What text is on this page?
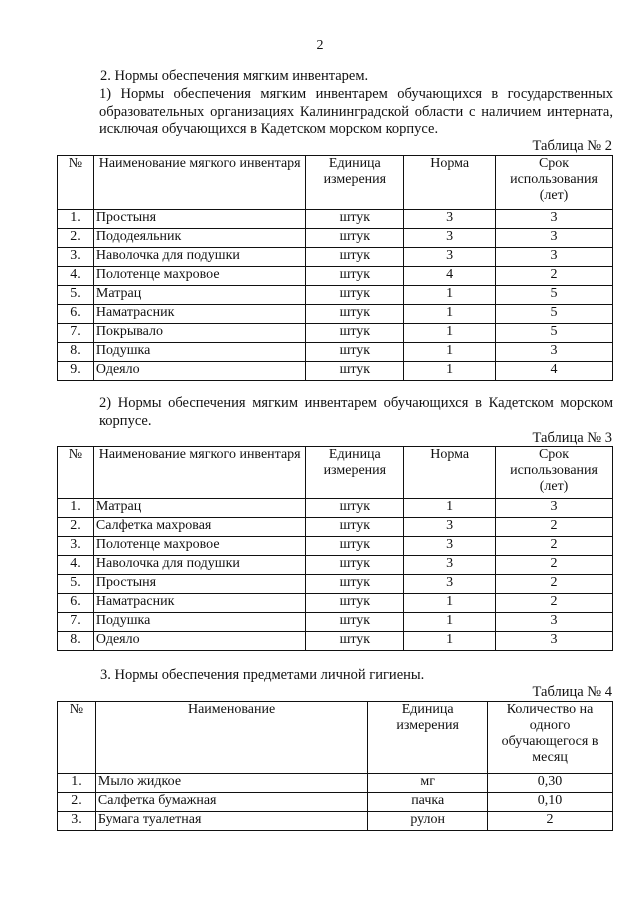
2
2. Нормы обеспечения мягким инвентарем.
1) Нормы обеспечения мягким инвентарем обучающихся в государственных образовательных организациях Калининградской области с наличием интерната, исключая обучающихся в Кадетском морском корпусе.
Таблица № 2
№	Наименование мягкого инвентаря	Единица измерения	Норма	Срок использования (лет)
1.	Простыня	штук	3	3
2.	Пододеяльник	штук	3	3
3.	Наволочка для подушки	штук	3	3
4.	Полотенце махровое	штук	4	2
5.	Матрац	штук	1	5
6.	Наматрасник	штук	1	5
7.	Покрывало	штук	1	5
8.	Подушка	штук	1	3
9.	Одеяло	штук	1	4
2) Нормы обеспечения мягким инвентарем обучающихся в Кадетском морском корпусе.
Таблица № 3
№	Наименование мягкого инвентаря	Единица измерения	Норма	Срок использования (лет)
1.	Матрац	штук	1	3
2.	Салфетка махровая	штук	3	2
3.	Полотенце махровое	штук	3	2
4.	Наволочка для подушки	штук	3	2
5.	Простыня	штук	3	2
6.	Наматрасник	штук	1	2
7.	Подушка	штук	1	3
8.	Одеяло	штук	1	3
3. Нормы обеспечения предметами личной гигиены.
Таблица № 4
№	Наименование	Единица измерения	Количество на одного обучающегося в месяц
1.	Мыло жидкое	мг	0,30
2.	Салфетка бумажная	пачка	0,10
3.	Бумага туалетная	рулон	2
